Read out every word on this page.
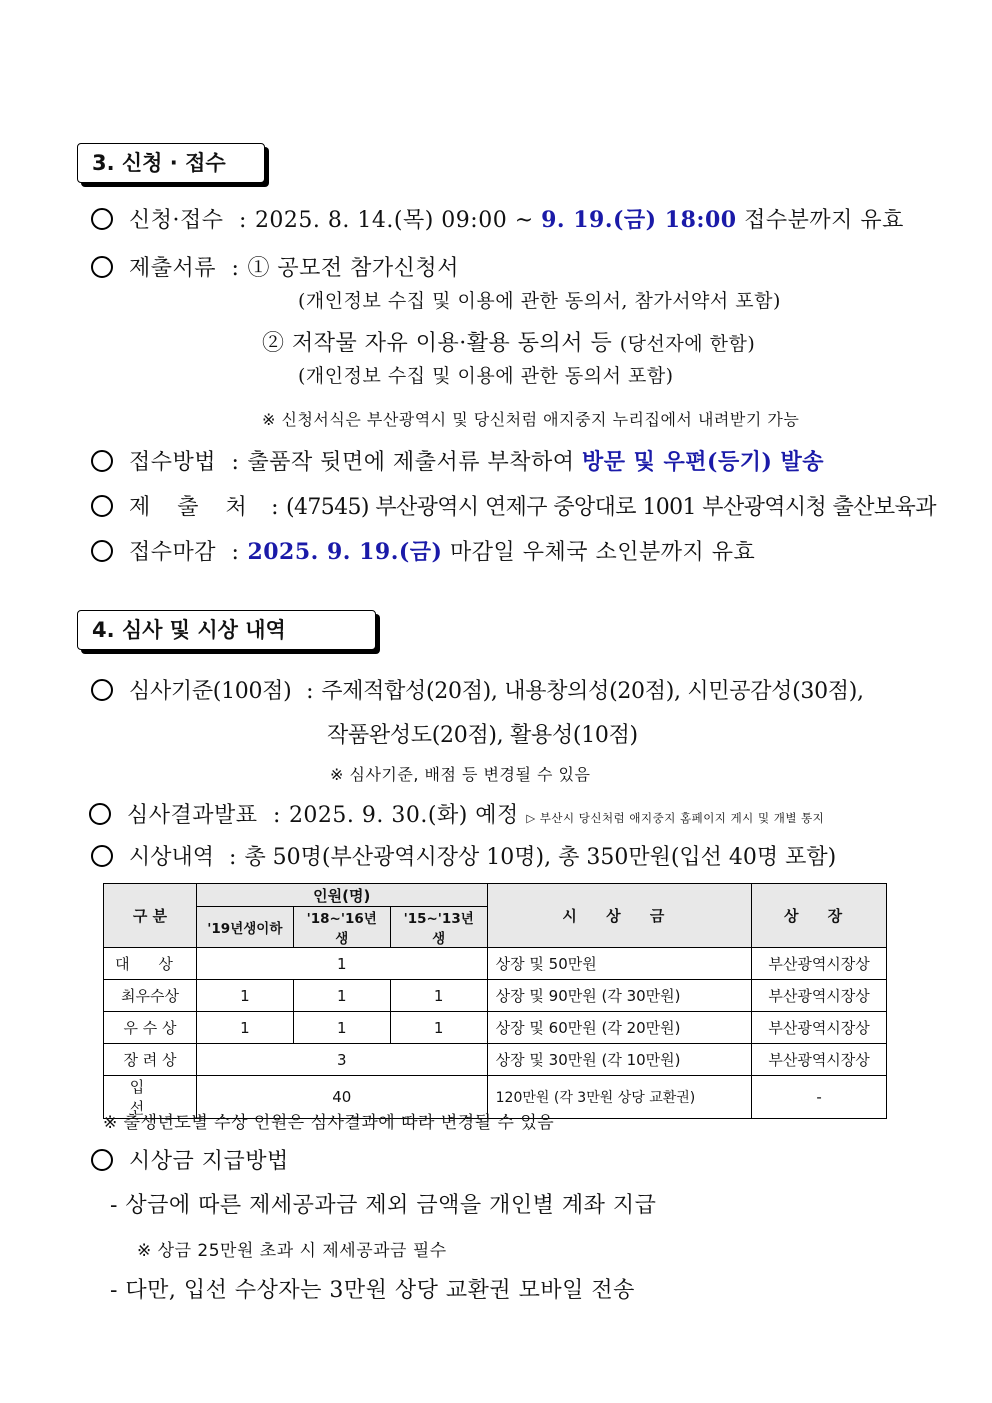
3. 신청 · 접수
신청·접수 : 2025. 8. 14.(목) 09:00 ~ 9. 19.(금) 18:00 접수분까지 유효
제출서류 : ① 공모전 참가신청서
(개인정보 수집 및 이용에 관한 동의서, 참가서약서 포함)
② 저작물 자유 이용·활용 동의서 등 (당선자에 한함)
(개인정보 수집 및 이용에 관한 동의서 포함)
※ 신청서식은 부산광역시 및 당신처럼 애지중지 누리집에서 내려받기 가능
접수방법 : 출품작 뒷면에 제출서류 부착하여 방문 및 우편(등기) 발송
제 출 처 : (47545) 부산광역시 연제구 중앙대로 1001 부산광역시청 출산보육과
접수마감 : 2025. 9. 19.(금) 마감일 우체국 소인분까지 유효
4. 심사 및 시상 내역
심사기준(100점) : 주제적합성(20점), 내용창의성(20점), 시민공감성(30점),
작품완성도(20점), 활용성(10점)
※ 심사기준, 배점 등 변경될 수 있음
심사결과발표 : 2025. 9. 30.(화) 예정 ▷ 부산시 당신처럼 애지중지 홈페이지 게시 및 개별 통지
시상내역 : 총 50명(부산광역시장상 10명), 총 350만원(입선 40명 포함)
구 분	인원(명)			시 상 금	상 장
	'19년생이하	'18~'16년생	'15~'13년생		
대 상	1			상장 및 50만원	부산광역시장상
최우수상	1	1	1	상장 및 90만원 (각 30만원)	부산광역시장상
우 수 상	1	1	1	상장 및 60만원 (각 20만원)	부산광역시장상
장 려 상	3			상장 및 30만원 (각 10만원)	부산광역시장상
입 선	40			120만원 (각 3만원 상당 교환권)	-
※ 출생년도별 수상 인원은 심사결과에 따라 변경될 수 있음
시상금 지급방법
- 상금에 따른 제세공과금 제외 금액을 개인별 계좌 지급
※ 상금 25만원 초과 시 제세공과금 필수
- 다만, 입선 수상자는 3만원 상당 교환권 모바일 전송
